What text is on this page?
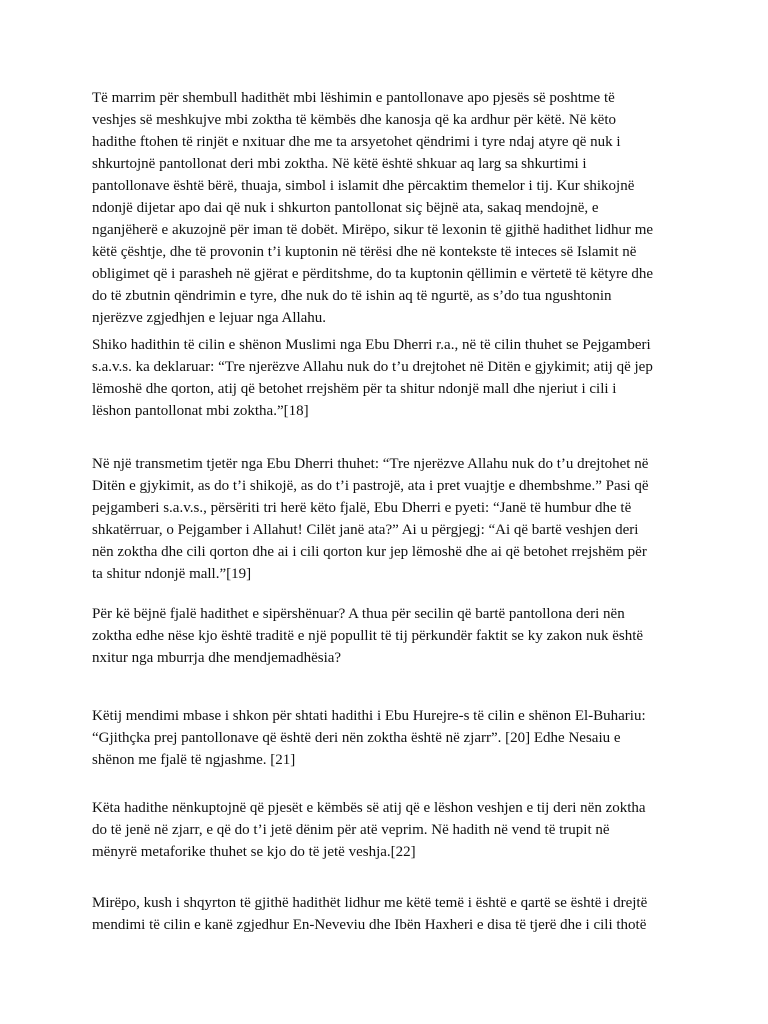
Të marrim për shembull hadithët mbi lëshimin e pantollonave apo pjesës së poshtme të
veshjes së meshkujve mbi zoktha të këmbës dhe kanosja që ka ardhur për këtë. Në këto
hadithe ftohen të rinjët e nxituar dhe me ta arsyetohet qëndrimi i tyre ndaj atyre që nuk i
shkurtojnë pantollonat deri mbi zoktha. Në këtë është shkuar aq larg sa shkurtimi i
pantollonave është bërë, thuaja, simbol i islamit dhe përcaktim themelor i tij. Kur shikojnë
ndonjë dijetar apo dai që nuk i shkurton pantollonat siç bëjnë ata, sakaq mendojnë, e
nganjëherë e akuzojnë për iman të dobët. Mirëpo, sikur të lexonin të gjithë hadithet lidhur me
këtë çështje, dhe të provonin t’i kuptonin në tërësi dhe në kontekste të inteces së Islamit në
obligimet që i parasheh në gjërat e përditshme, do ta kuptonin qëllimin e vërtetë të këtyre dhe
do të zbutnin qëndrimin e tyre, dhe nuk do të ishin aq të ngurtë, as s’do tua ngushtonin
njerëzve zgjedhjen e lejuar nga Allahu.

Shiko hadithin të cilin e shënon Muslimi nga Ebu Dherri r.a., në të cilin thuhet se Pejgamberi
s.a.v.s. ka deklaruar: “Tre njerëzve Allahu nuk do t’u drejtohet në Ditën e gjykimit; atij që jep
lëmoshë dhe qorton, atij që betohet rrejshëm për ta shitur ndonjë mall dhe njeriut i cili i
lëshon pantollonat mbi zoktha.”[18]

Në një transmetim tjetër nga Ebu Dherri thuhet: “Tre njerëzve Allahu nuk do t’u drejtohet në
Ditën e gjykimit, as do t’i shikojë, as do t’i pastrojë, ata i pret vuajtje e dhembshme.” Pasi që
pejgamberi s.a.v.s., përsëriti tri herë këto fjalë, Ebu Dherri e pyeti: “Janë të humbur dhe të
shkatërruar, o Pejgamber i Allahut! Cilët janë ata?” Ai u përgjegj: “Ai që bartë veshjen deri
nën zoktha dhe cili qorton dhe ai i cili qorton kur jep lëmoshë dhe ai që betohet rrejshëm për
ta shitur ndonjë mall.”[19]

Për kë bëjnë fjalë hadithet e sipërshënuar? A thua për secilin që bartë pantollona deri nën
zoktha edhe nëse kjo është traditë e një popullit të tij përkundër faktit se ky zakon nuk është
nxitur nga mburrja dhe mendjemadhësia?

Këtij mendimi mbase i shkon për shtati hadithi i Ebu Hurejre-s të cilin e shënon El-Buhariu:
“Gjithçka prej pantollonave që është deri nën zoktha është në zjarr”. [20] Edhe Nesaiu e
shënon me fjalë të ngjashme. [21]

Këta hadithe nënkuptojnë që pjesët e këmbës së atij që e lëshon veshjen e tij deri nën zoktha
do të jenë në zjarr, e që do t’i jetë dënim për atë veprim. Në hadith në vend të trupit në
mënyrë metaforike thuhet se kjo do të jetë veshja.[22]

Mirëpo, kush i shqyrton të gjithë hadithët lidhur me këtë temë i është e qartë se është i drejtë
mendimi të cilin e kanë zgjedhur En-Neveviu dhe Ibën Haxheri e disa të tjerë dhe i cili thotë
